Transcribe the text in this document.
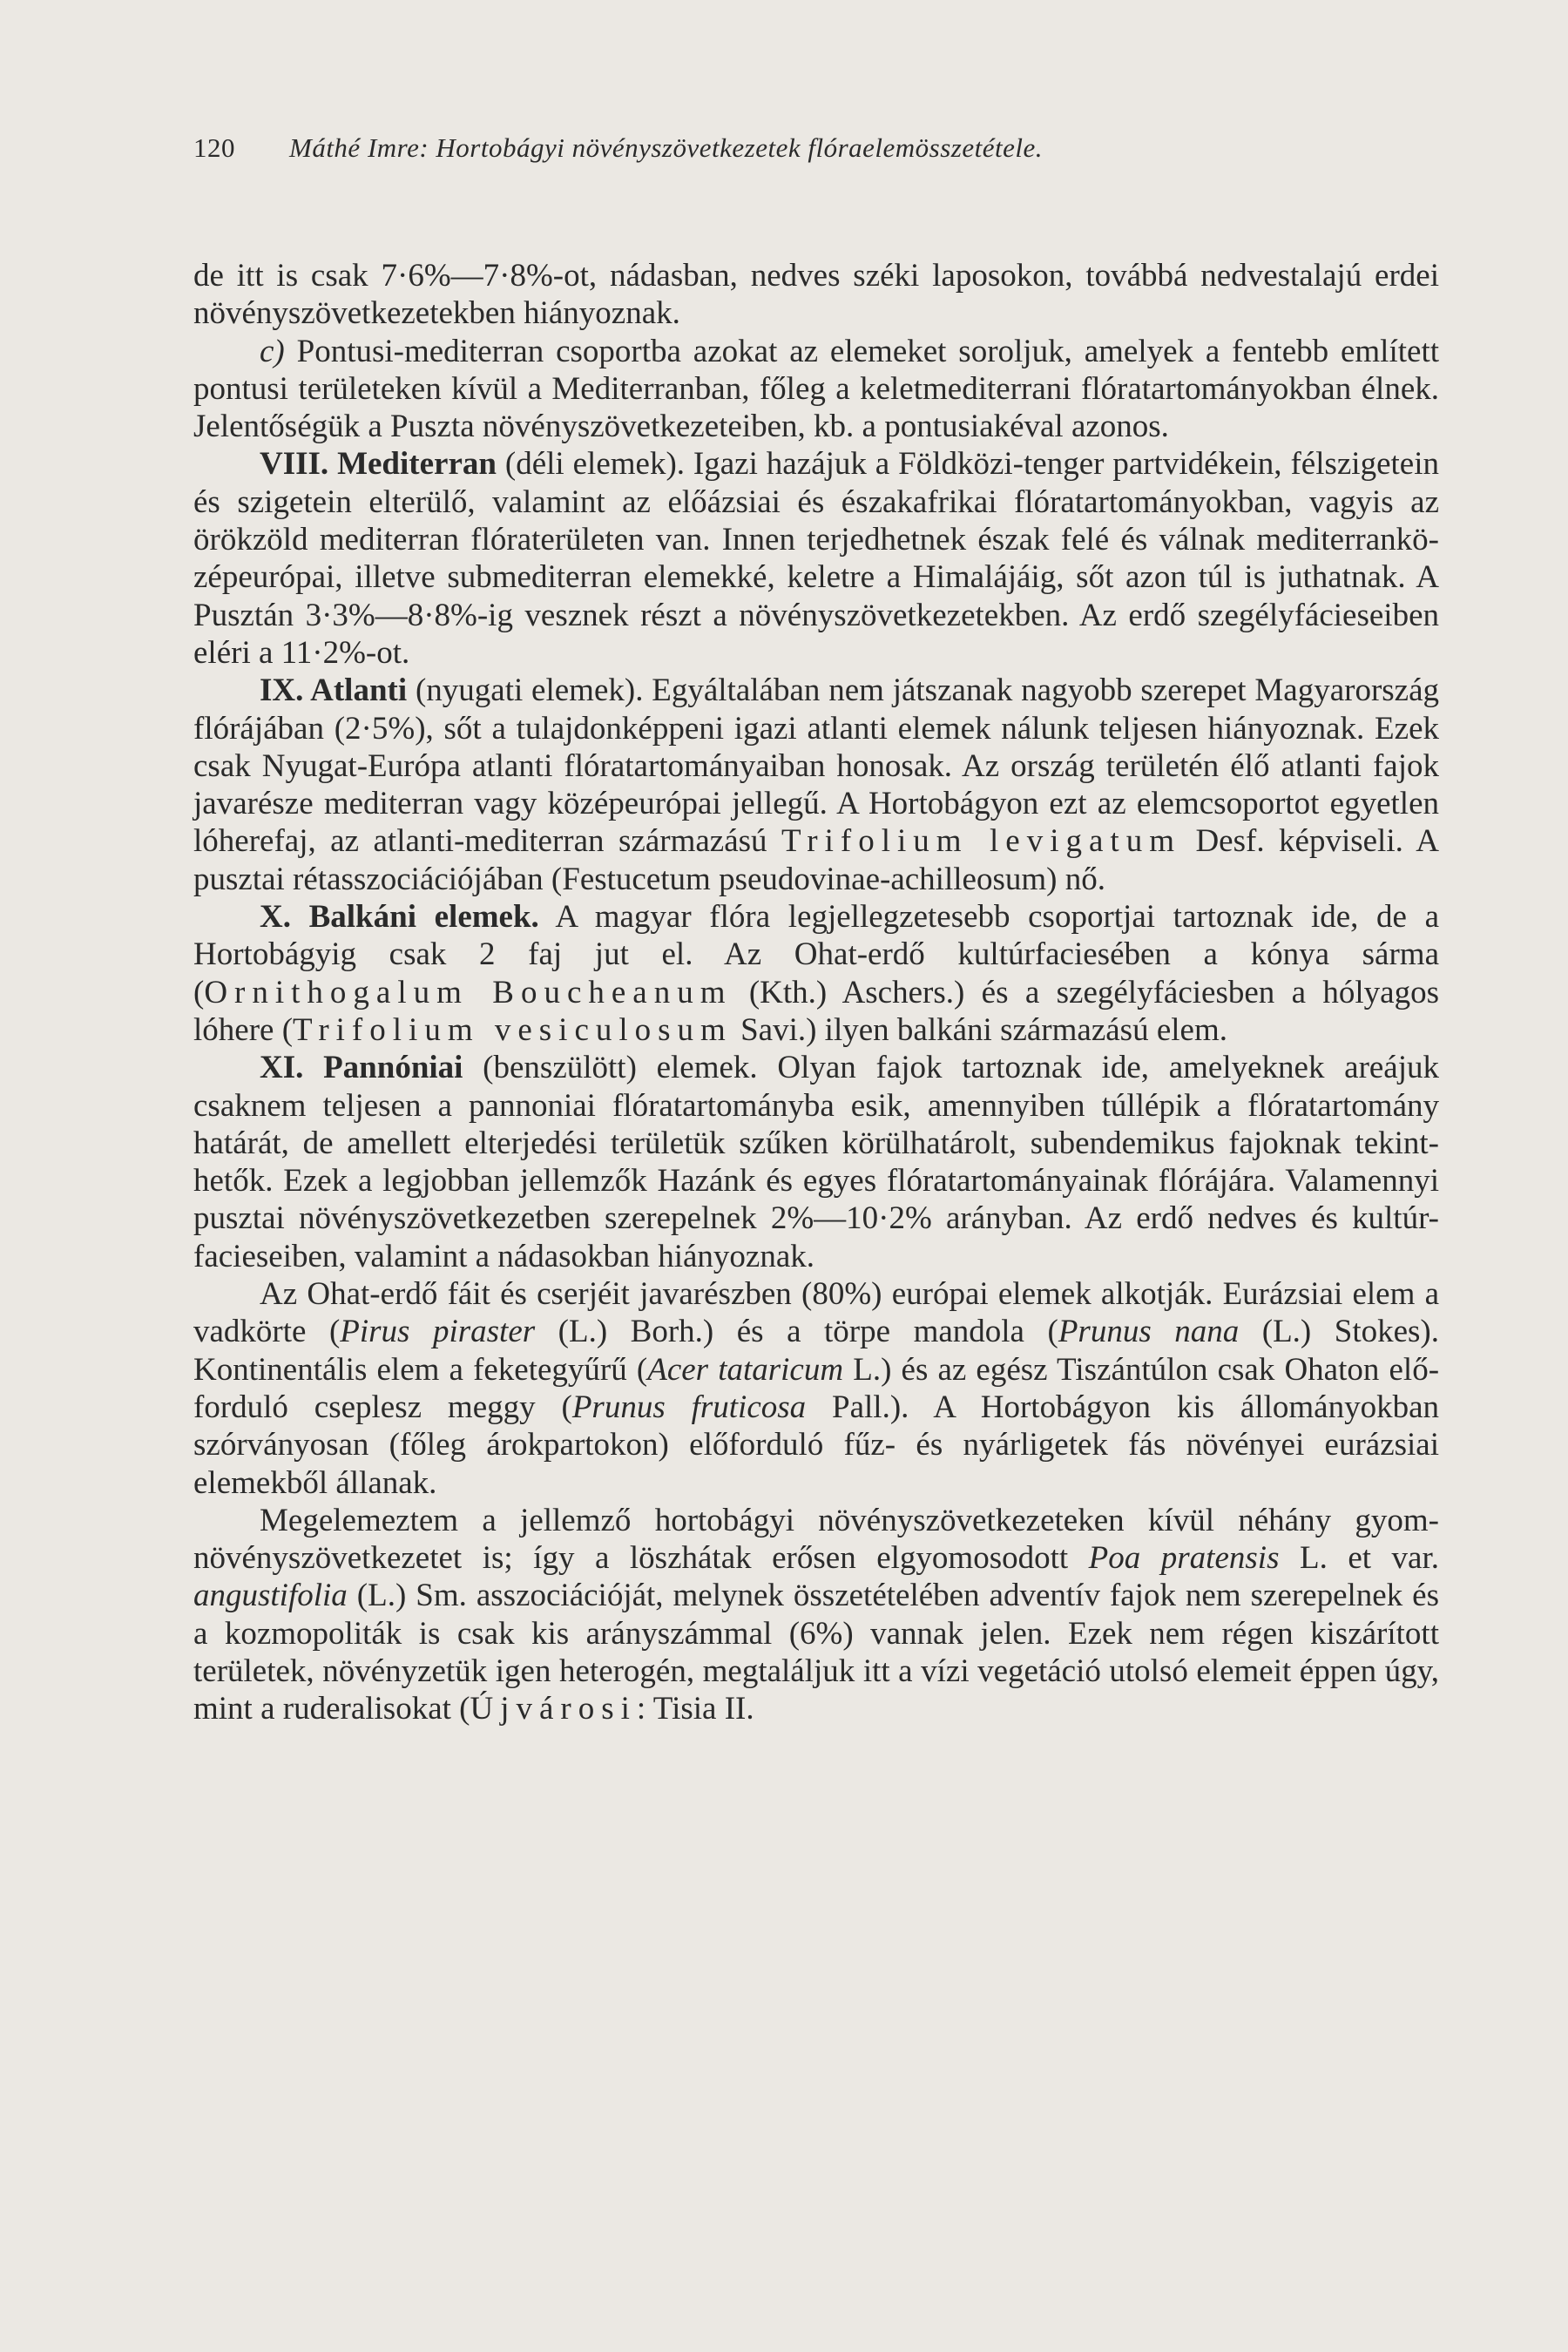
120 Máthé Imre: Hortobágyi növényszövetkezetek flóraelemösszetétele.

de itt is csak 7·6%—7·8%-ot, nádasban, nedves széki laposokon, továbbá nedvestalajú erdei növényszövetkezetekben hiányoznak.

c) Pontusi-mediterran csoportba azokat az elemeket soroljuk, amelyek a fentebb említett pontusi területeken kívül a Mediterranban, főleg a keletmediterrani flóratartományokban élnek. Jelentőségük a Puszta növényszövetkezeteiben, kb. a pontusiakéval azonos.

VIII. Mediterran (déli elemek). Igazi hazájuk a Földközi-tenger partvidékein, félszigetein és szigetein elterülő, valamint az előázsiai és északafrikai flóratartományokban, vagyis az örökzöld mediterran flóraterületen van. Innen terjedhetnek észak felé és válnak mediterranközépeurópai, illetve submediterran elemekké, keletre a Himalájáig, sőt azon túl is juthatnak. A Pusztán 3·3%—8·8%-ig vesznek részt a növényszövetkezetekben. Az erdő szegélyfácieseiben eléri a 11·2%-ot.

IX. Atlanti (nyugati elemek). Egyáltalában nem játszanak nagyobb szerepet Magyarország flórájában (2·5%), sőt a tulajdonképpeni igazi atlanti elemek nálunk teljesen hiányoznak. Ezek csak Nyugat-Európa atlanti flóratartományaiban honosak. Az ország területén élő atlanti fajok javarésze mediterran vagy középeurópai jellegű. A Hortobágyon ezt az elemcsoportot egyetlen lóherefaj, az atlanti-mediterran származású Trifolium levigatum Desf. képviseli. A pusztai rétasszociációjában (Festucetum pseudovinae-achilleosum) nő.

X. Balkáni elemek. A magyar flóra legjellegzetesebb csoportjai tartoznak ide, de a Hortobágyig csak 2 faj jut el. Az Ohat-erdő kultúrfaciesében a kónya sárma (Ornithogalum Boucheanum (Kth.) Aschers.) és a szegélyfáciesben a hólyagos lóhere (Trifolium vesiculosum Savi.) ilyen balkáni származású elem.

XI. Pannóniai (benszülött) elemek. Olyan fajok tartoznak ide, amelyeknek areájuk csaknem teljesen a pannoniai flóratartományba esik, amennyiben túllépik a flóratartomány határát, de amellett elterjedési területük szűken körülhatárolt, subendemikus fajoknak tekinthetők. Ezek a legjobban jellemzők Hazánk és egyes flóratartományainak flórájára. Valamennyi pusztai növényszövetkezetben szerepelnek 2%—10·2% arányban. Az erdő nedves és kultúr-facieseiben, valamint a nádasokban hiányoznak.

Az Ohat-erdő fáit és cserjéit javarészben (80%) európai elemek alkotják. Eurázsiai elem a vadkörte (Pirus piraster (L.) Borh.) és a törpe mandola (Prunus nana (L.) Stokes). Kontinentális elem a feketegyűrű (Acer tataricum L.) és az egész Tiszántúlon csak Ohaton előforduló cseplesz meggy (Prunus fruticosa Pall.). A Hortobágyon kis állományokban szórványosan (főleg árokpartokon) előforduló fűz- és nyárligetek fás növényei eurázsiai elemekből állanak.

Megelemeztem a jellemző hortobágyi növényszövetkezeteken kívül néhány gyom-növényszövetkezetet is; így a löszhátak erősen elgyomosodott Poa pratensis L. et var. angustifolia (L.) Sm. asszociációját, melynek összetételében adventív fajok nem szerepelnek és a kozmopoliták is csak kis arányszámmal (6%) vannak jelen. Ezek nem régen kiszárított területek, növényzetük igen heterogén, megtaláljuk itt a vízi vegetáció utolsó elemeit éppen úgy, mint a ruderalisokat (Újvárosi: Tisia II.
